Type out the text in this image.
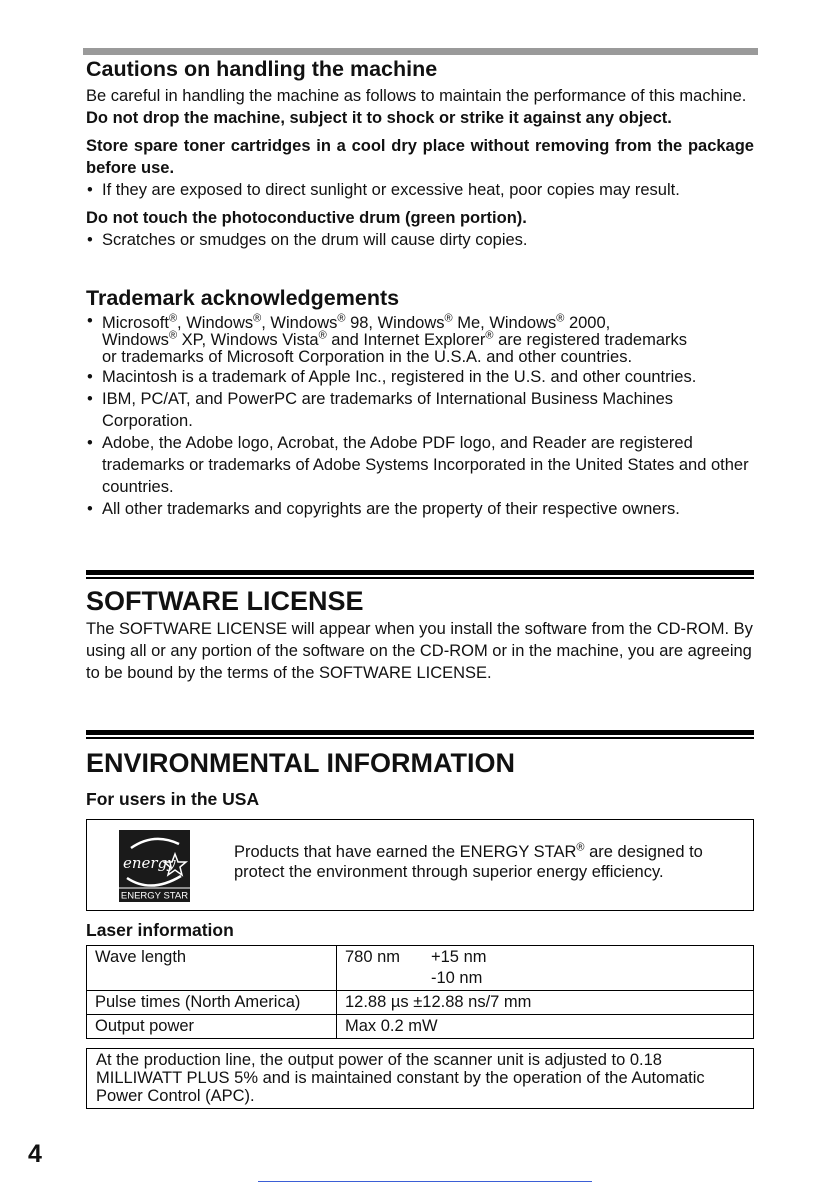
Cautions on handling the machine

Be careful in handling the machine as follows to maintain the performance of this machine.

Do not drop the machine, subject it to shock or strike it against any object.

Store spare toner cartridges in a cool dry place without removing from the package before use.

• If they are exposed to direct sunlight or excessive heat, poor copies may result.

Do not touch the photoconductive drum (green portion).

• Scratches or smudges on the drum will cause dirty copies.
Trademark acknowledgements
• Microsoft®, Windows®, Windows® 98, Windows® Me, Windows® 2000,
Windows® XP, Windows Vista® and Internet Explorer® are registered trademarks
or trademarks of Microsoft Corporation in the U.S.A. and other countries.
• Macintosh is a trademark of Apple Inc., registered in the U.S. and other countries.
• IBM, PC/AT, and PowerPC are trademarks of International Business Machines Corporation.
• Adobe, the Adobe logo, Acrobat, the Adobe PDF logo, and Reader are registered trademarks or trademarks of Adobe Systems Incorporated in the United States and other countries.
• All other trademarks and copyrights are the property of their respective owners.
SOFTWARE LICENSE

The SOFTWARE LICENSE will appear when you install the software from the CD-ROM. By using all or any portion of the software on the CD-ROM or in the machine, you are agreeing to be bound by the terms of the SOFTWARE LICENSE.

ENVIRONMENTAL INFORMATION
For users in the USA
energy
ENERGY STAR
Products that have earned the ENERGY STAR® are designed to protect the environment through superior energy efficiency.
Laser information
Wave length	780 nm +15 nm
-10 nm

Pulse times (North America)	12.88 µs ±12.88 ns/7 mm
Output power	Max 0.2 mW
At the production line, the output power of the scanner unit is adjusted to 0.18 MILLIWATT PLUS 5% and is maintained constant by the operation of the Automatic Power Control (APC).
4
